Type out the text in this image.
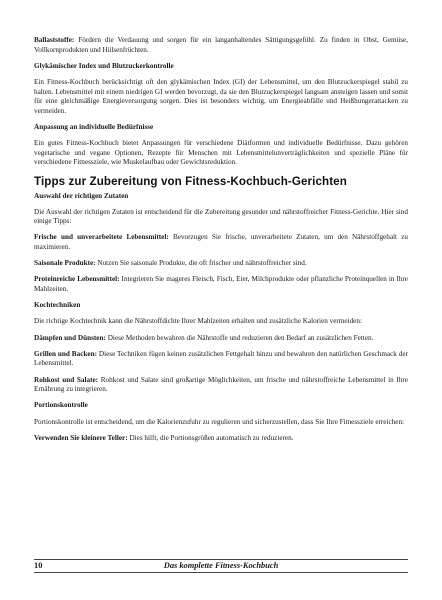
Ballaststoffe: Fördern die Verdauung und sorgen für ein langanhaltendes Sättigungsgefühl. Zu finden in Obst, Gemüse, Vollkornprodukten und Hülsenfrüchten.

Glykämischer Index und Blutzuckerkontrolle

Ein Fitness-Kochbuch berücksichtigt oft den glykämischen Index (GI) der Lebensmittel, um den Blutzuckerspiegel stabil zu halten. Lebensmittel mit einem niedrigen GI werden bevorzugt, da sie den Blutzuckerspiegel langsam ansteigen lassen und somit für eine gleichmäßige Energieversorgung sorgen. Dies ist besonders wichtig, um Energieabfälle und Heißhungerattacken zu vermeiden.

Anpassung an individuelle Bedürfnisse

Ein gutes Fitness-Kochbuch bietet Anpassungen für verschiedene Diätformen und individuelle Bedürfnisse. Dazu gehören vegetarische und vegane Optionen, Rezepte für Menschen mit Lebensmittelunverträglichkeiten und spezielle Pläne für verschiedene Fitnessziele, wie Muskelaufbau oder Gewichtsreduktion.

Tipps zur Zubereitung von Fitness-Kochbuch-Gerichten
Auswahl der richtigen Zutaten

Die Auswahl der richtigen Zutaten ist entscheidend für die Zubereitung gesunder und nährstoffreicher Fitness-Gerichte. Hier sind einige Tipps:

Frische und unverarbeitete Lebensmittel: Bevorzugen Sie frische, unverarbeitete Zutaten, um den Nährstoffgehalt zu maximieren.

Saisonale Produkte: Nutzen Sie saisonale Produkte, die oft frischer und nährstoffreicher sind.

Proteinreiche Lebensmittel: Integrieren Sie mageres Fleisch, Fisch, Eier, Milchprodukte oder pflanzliche Proteinquellen in Ihre Mahlzeiten.

Kochtechniken

Die richtige Kochtechnik kann die Nährstoffdichte Ihrer Mahlzeiten erhalten und zusätzliche Kalorien vermeiden:

Dämpfen und Dünsten: Diese Methoden bewahren die Nährstoffe und reduzieren den Bedarf an zusätzlichen Fetten.

Grillen und Backen: Diese Techniken fügen keinen zusätzlichen Fettgehalt hinzu und bewahren den natürlichen Geschmack der Lebensmittel.

Rohkost und Salate: Rohkost und Salate sind großartige Möglichkeiten, um frische und nährstoffreiche Lebensmittel in Ihre Ernährung zu integrieren.

Portionskontrolle

Portionskontrolle ist entscheidend, um die Kalorienzufuhr zu regulieren und sicherzustellen, dass Sie Ihre Fitnessziele erreichen:

Verwenden Sie kleinere Teller: Dies hilft, die Portionsgrößen automatisch zu reduzieren.

10	Das komplette Fitness-Kochbuch
